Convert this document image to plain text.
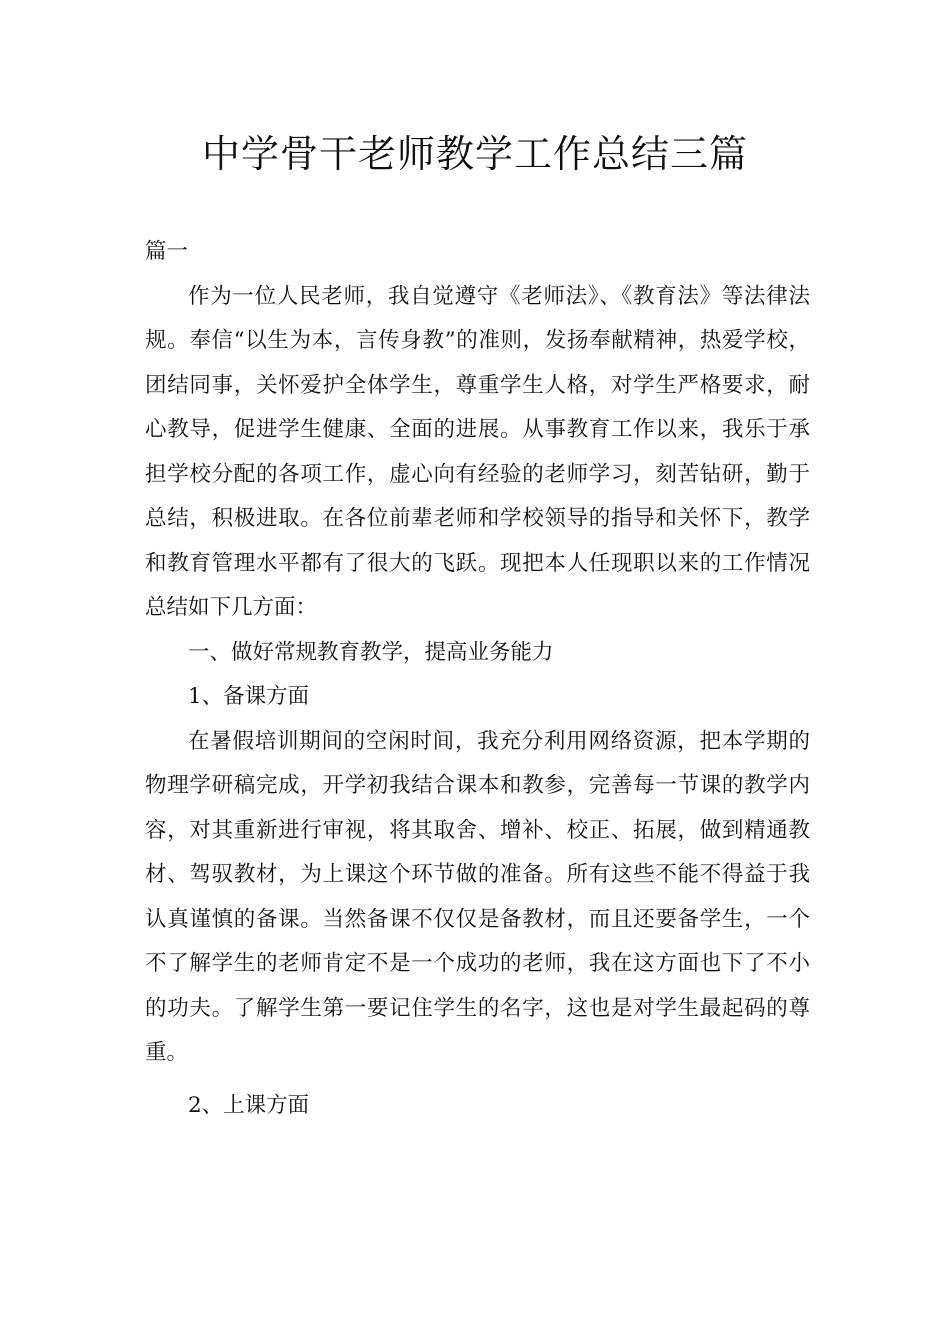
中学骨干老师教学工作总结三篇

篇一

作为一位人民老师，我自觉遵守《老师法》、《教育法》等法律法规。奉信“以生为本，言传身教”的准则，发扬奉献精神，热爱学校，团结同事，关怀爱护全体学生，尊重学生人格，对学生严格要求，耐心教导，促进学生健康、全面的进展。从事教育工作以来，我乐于承担学校分配的各项工作，虚心向有经验的老师学习，刻苦钻研，勤于总结，积极进取。在各位前辈老师和学校领导的指导和关怀下，教学和教育管理水平都有了很大的飞跃。现把本人任现职以来的工作情况总结如下几方面：

一、做好常规教育教学，提高业务能力

1、备课方面

在暑假培训期间的空闲时间，我充分利用网络资源，把本学期的物理学研稿完成，开学初我结合课本和教参，完善每一节课的教学内容，对其重新进行审视，将其取舍、增补、校正、拓展，做到精通教材、驾驭教材，为上课这个环节做的准备。所有这些不能不得益于我认真谨慎的备课。当然备课不仅仅是备教材，而且还要备学生，一个不了解学生的老师肯定不是一个成功的老师，我在这方面也下了不小的功夫。了解学生第一要记住学生的名字，这也是对学生最起码的尊重。

2、上课方面
